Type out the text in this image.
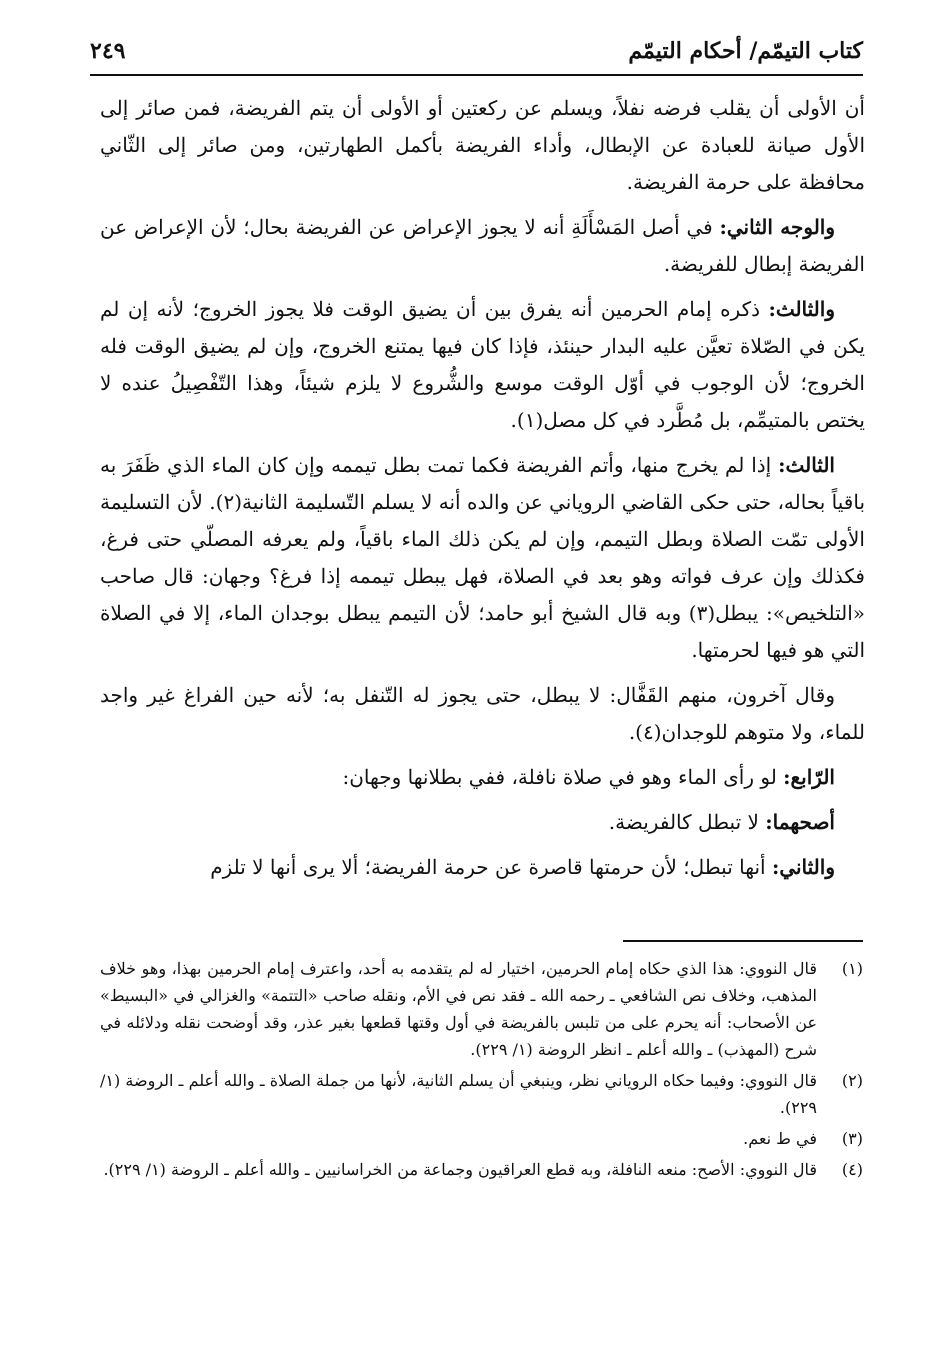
كتاب التيمّم/ أحكام التيمّم
٢٤٩

أن الأولى أن يقلب فرضه نفلاً، ويسلم عن ركعتين أو الأولى أن يتم الفريضة، فمن صائر إلى الأول صيانة للعبادة عن الإبطال، وأداء الفريضة بأكمل الطهارتين، ومن صائر إلى الثّاني محافظة على حرمة الفريضة.

والوجه الثاني: في أصل المَسْأَلَةِ أنه لا يجوز الإعراض عن الفريضة بحال؛ لأن الإعراض عن الفريضة إبطال للفريضة.

والثالث: ذكره إمام الحرمين أنه يفرق بين أن يضيق الوقت فلا يجوز الخروج؛ لأنه إن لم يكن في الصّلاة تعيَّن عليه البدار حينئذ، فإذا كان فيها يمتنع الخروج، وإن لم يضيق الوقت فله الخروج؛ لأن الوجوب في أوّل الوقت موسع والشُّروع لا يلزم شيئاً، وهذا التّفْصِيلُ عنده لا يختص بالمتيمِّم، بل مُطَّرد في كل مصل(١).

الثالث: إذا لم يخرج منها، وأتم الفريضة فكما تمت بطل تيممه وإن كان الماء الذي ظَفَرَ به باقياً بحاله، حتى حكى القاضي الروياني عن والده أنه لا يسلم التّسليمة الثانية(٢). لأن التسليمة الأولى تمّت الصلاة وبطل التيمم، وإن لم يكن ذلك الماء باقياً، ولم يعرفه المصلّي حتى فرغ، فكذلك وإن عرف فواته وهو بعد في الصلاة، فهل يبطل تيممه إذا فرغ؟ وجهان: قال صاحب «التلخيص»: يبطل(٣) وبه قال الشيخ أبو حامد؛ لأن التيمم يبطل بوجدان الماء، إلا في الصلاة التي هو فيها لحرمتها.

وقال آخرون، منهم القَفَّال: لا يبطل، حتى يجوز له التّنفل به؛ لأنه حين الفراغ غير واجد للماء، ولا متوهم للوجدان(٤).

الرّابع: لو رأى الماء وهو في صلاة نافلة، ففي بطلانها وجهان:

أصحهما: لا تبطل كالفريضة.

والثاني: أنها تبطل؛ لأن حرمتها قاصرة عن حرمة الفريضة؛ ألا يرى أنها لا تلزم

(١)
قال النووي: هذا الذي حكاه إمام الحرمين، اختيار له لم يتقدمه به أحد، واعترف إمام الحرمين بهذا، وهو خلاف المذهب، وخلاف نص الشافعي ـ رحمه الله ـ فقد نص في الأم، ونقله صاحب «التتمة» والغزالي في «البسيط» عن الأصحاب: أنه يحرم على من تلبس بالفريضة في أول وقتها قطعها بغير عذر، وقد أوضحت نقله ودلائله في شرح (المهذب) ـ والله أعلم ـ انظر الروضة (١/ ٢٢٩).
(٢)
قال النووي: وفيما حكاه الروياني نظر، وينبغي أن يسلم الثانية، لأنها من جملة الصلاة ـ والله أعلم ـ الروضة (١/ ٢٢٩).
(٣)
في ط نعم.
(٤)
قال النووي: الأصح: منعه النافلة، وبه قطع العراقيون وجماعة من الخراسانيين ـ والله أعلم ـ الروضة (١/ ٢٢٩).
